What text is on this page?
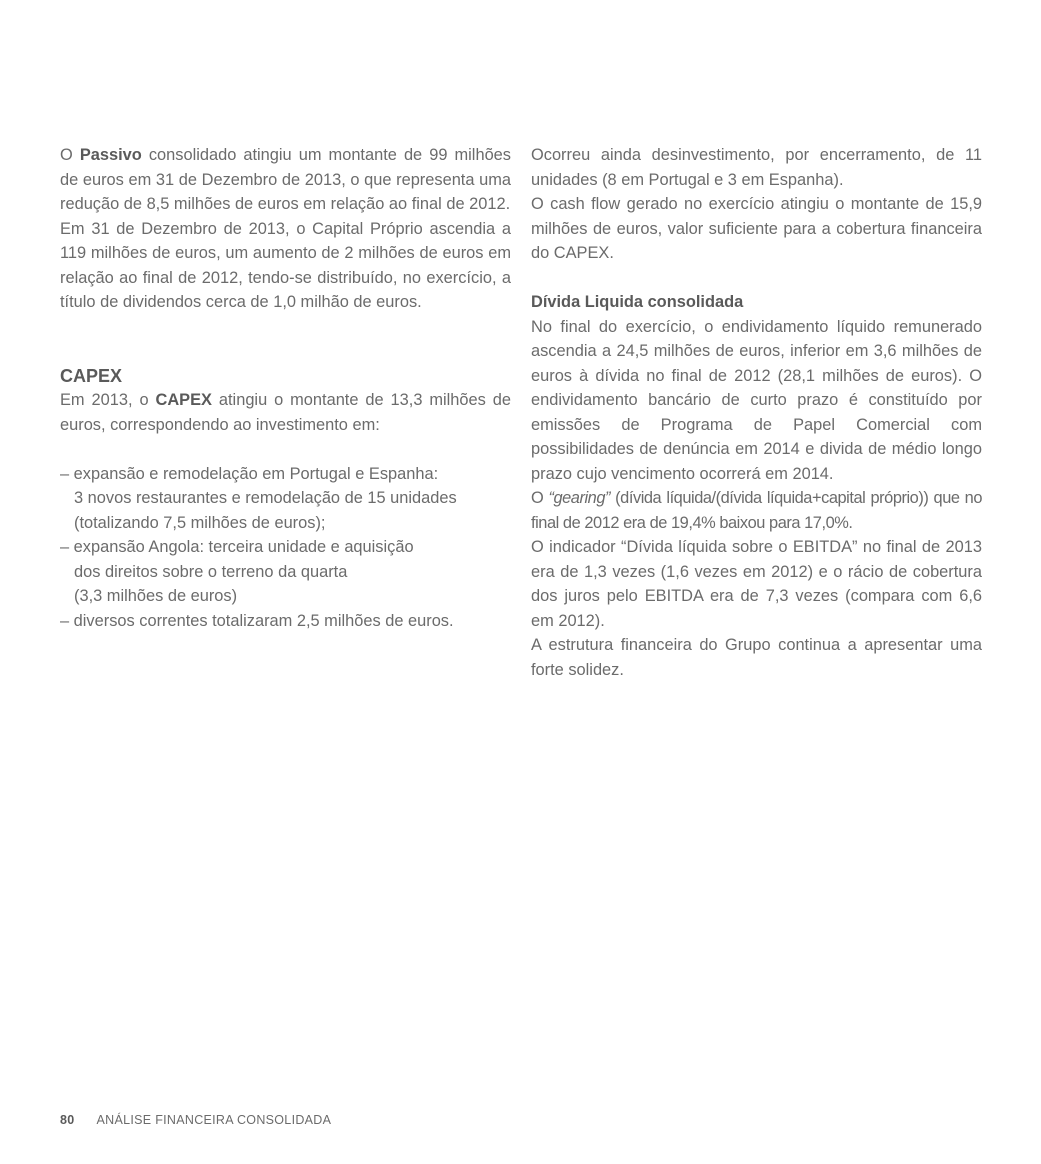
O Passivo consolidado atingiu um montante de 99 milhões de euros em 31 de Dezembro de 2013, o que representa uma redução de 8,5 milhões de euros em relação ao final de 2012.

Em 31 de Dezembro de 2013, o Capital Próprio ascendia a 119 milhões de euros, um aumento de 2 milhões de euros em relação ao final de 2012, tendo-se distribuído, no exercício, a título de dividendos cerca de 1,0 milhão de euros.

CAPEX

Em 2013, o CAPEX atingiu o montante de 13,3 milhões de euros, correspondendo ao investimento em:

– expansão e remodelação em Portugal e Espanha:
3 novos restaurantes e remodelação de 15 unidades
(totalizando 7,5 milhões de euros);
– expansão Angola: terceira unidade e aquisição
dos direitos sobre o terreno da quarta
(3,3 milhões de euros)
– diversos correntes totalizaram 2,5 milhões de euros.

Ocorreu ainda desinvestimento, por encerramento, de 11 unidades (8 em Portugal e 3 em Espanha).

O cash flow gerado no exercício atingiu o montante de 15,9 milhões de euros, valor suficiente para a cobertura financeira do CAPEX.

Dívida Liquida consolidada

No final do exercício, o endividamento líquido remunerado ascendia a 24,5 milhões de euros, inferior em 3,6 milhões de euros à dívida no final de 2012 (28,1 milhões de euros). O endividamento bancário de curto prazo é constituído por emissões de Programa de Papel Comercial com possibilidades de denúncia em 2014 e divida de médio longo prazo cujo vencimento ocorrerá em 2014.

O “gearing” (dívida líquida/(dívida líquida+capital próprio)) que no final de 2012 era de 19,4% baixou para 17,0%.

O indicador “Dívida líquida sobre o EBITDA” no final de 2013 era de 1,3 vezes (1,6 vezes em 2012) e o rácio de cobertura dos juros pelo EBITDA era de 7,3 vezes (compara com 6,6 em 2012).

A estrutura financeira do Grupo continua a apresentar uma forte solidez.

80 ANÁLISE FINANCEIRA CONSOLIDADA
